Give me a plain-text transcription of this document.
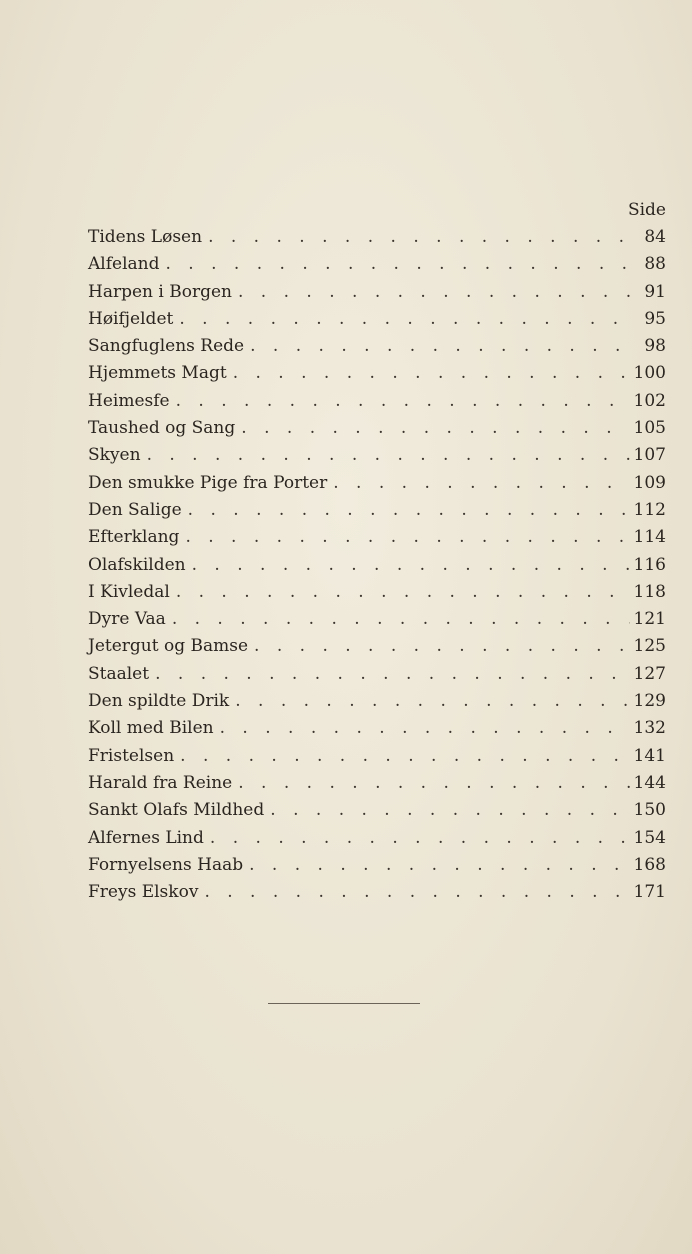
Side
Tidens Løsen . . .	84
Alfeland . . .	88
Harpen i Borgen . . .	91
Høifjeldet . . .	95
Sangfuglens Rede . . .	98
Hjemmets Magt . . .	100
Heimesfe . . .	102
Taushed og Sang . . .	105
Skyen . . .	107
Den smukke Pige fra Porter . . .	109
Den Salige . . .	112
Efterklang . . .	114
Olafskilden . . .	116
I Kivledal . . .	118
Dyre Vaa . . .	121
Jetergut og Bamse . . .	125
Staalet . . .	127
Den spildte Drik . . .	129
Koll med Bilen . . .	132
Fristelsen . . .	141
Harald fra Reine . . .	144
Sankt Olafs Mildhed . . .	150
Alfernes Lind . . .	154
Fornyelsens Haab . . .	168
Freys Elskov . . .	171
